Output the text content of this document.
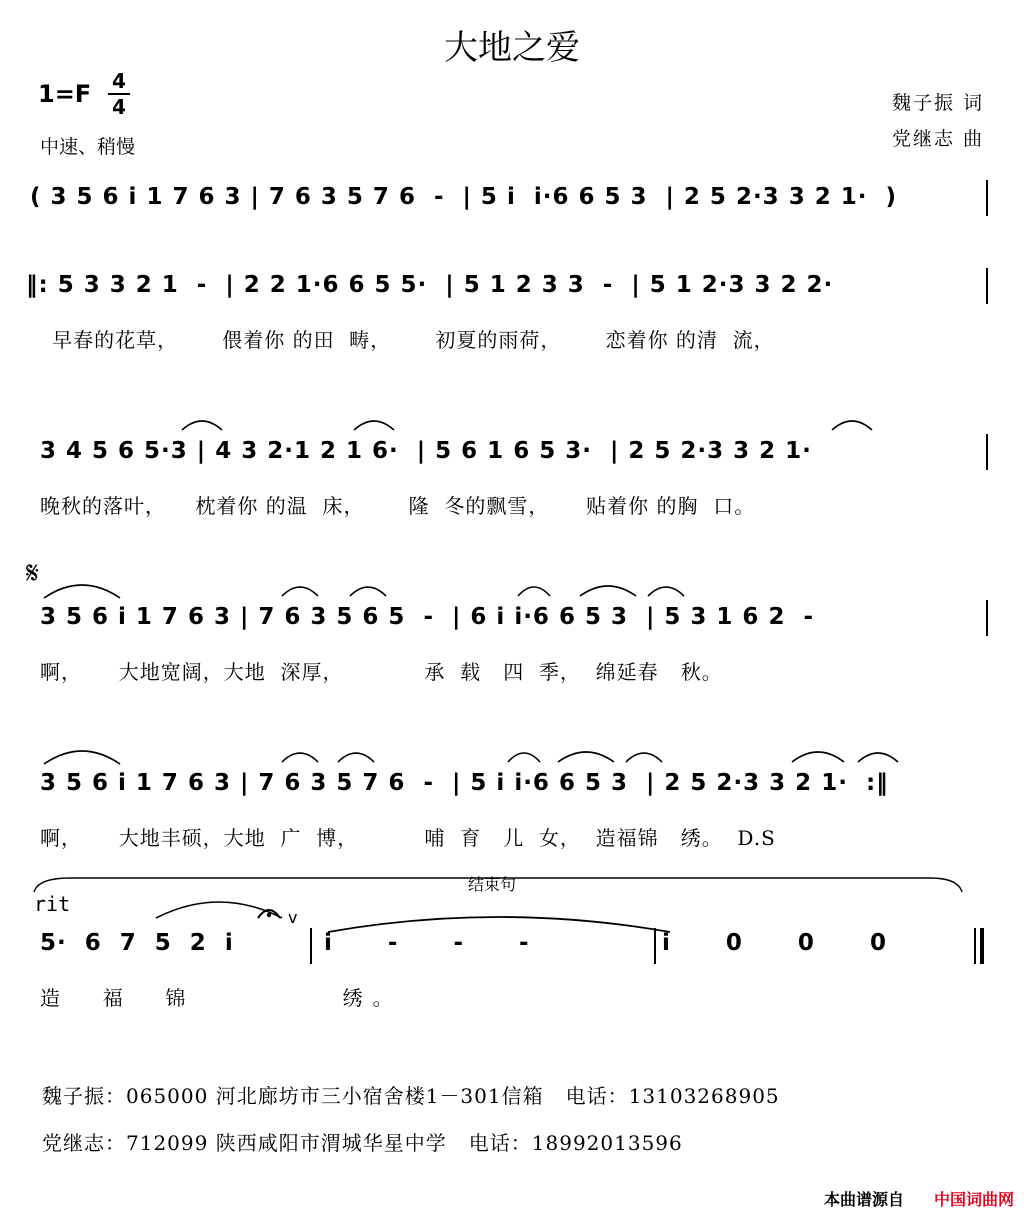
大地之爱
1=F 4
4
中速、稍慢
魏子振 词
党继志 曲
( 3 5 6 i 1 7 6 3 | 7 6 3 5 7 6  -  | 5 i  i·6 6 5 3  | 2 5 2·3 3 2 1·  )
‖: 5 3 3 2 1  -  | 2 2 1·6 6 5 5·  | 5 1 2 3 3  -  | 5 1 2·3 3 2 2·
早春的花草，      偎着你 的田  畴，      初夏的雨荷，      恋着你 的清  流，
3 4 5 6 5·3 | 4 3 2·1 2 1 6·  | 5 6 1 6 5 3·  | 2 5 2·3 3 2 1·
晚秋的落叶，    枕着你 的温  床，      隆  冬的飘雪，     贴着你 的胸  口。
𝄋
3 5 6 i 1 7 6 3 | 7 6 3 5 6 5  -  | 6 i i·6 6 5 3  | 5 3 1 6 2  -
啊，     大地宽阔，大地  深厚，           承  载   四  季，  绵延春   秋。
3 5 6 i 1 7 6 3 | 7 6 3 5 7 6  -  | 5 i i·6 6 5 3  | 2 5 2·3 3 2 1·  :‖
啊，     大地丰硕，大地  广  博，         哺  育   儿  女，  造福锦   绣。  D.S
结束句
rit
5·  6  7  5  2  i
v
i   -   -   -	i   0   0   0
造  福  锦         绣。
魏子振：065000 河北廊坊市三小宿舍楼1－301信箱   电话：13103268905
党继志：712099 陕西咸阳市渭城华星中学   电话：18992013596
本曲谱源自 中国词曲网
